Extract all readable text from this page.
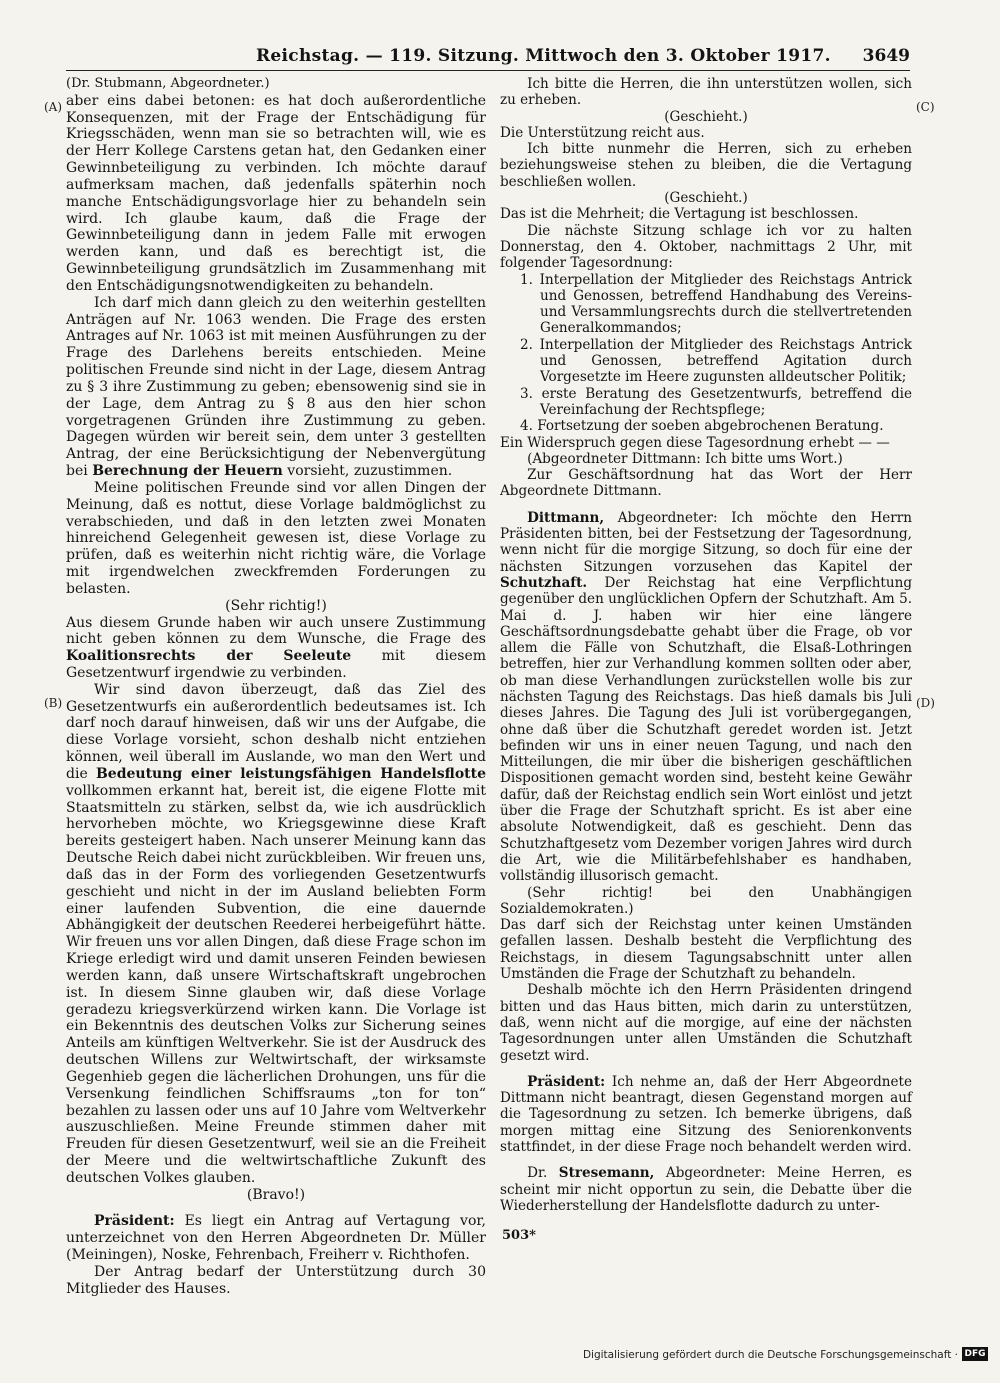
Reichstag. — 119. Sitzung. Mittwoch den 3. Oktober 1917. 3649
(A)
(B)
(C)
(D)

(Dr. Stubmann, Abgeordneter.)

aber eins dabei betonen: es hat doch außerordentliche Konsequenzen, mit der Frage der Entschädigung für Kriegsschäden, wenn man sie so betrachten will, wie es der Herr Kollege Carstens getan hat, den Gedanken einer Gewinnbeteiligung zu verbinden. Ich möchte darauf aufmerksam machen, daß jedenfalls späterhin noch manche Entschädigungsvorlage hier zu behandeln sein wird. Ich glaube kaum, daß die Frage der Gewinnbeteiligung dann in jedem Falle mit erwogen werden kann, und daß es berechtigt ist, die Gewinnbeteiligung grundsätzlich im Zusammenhang mit den Entschädigungsnotwendigkeiten zu behandeln.

Ich darf mich dann gleich zu den weiterhin gestellten Anträgen auf Nr. 1063 wenden. Die Frage des ersten Antrages auf Nr. 1063 ist mit meinen Ausführungen zu der Frage des Darlehens bereits entschieden. Meine politischen Freunde sind nicht in der Lage, diesem Antrag zu § 3 ihre Zustimmung zu geben; ebensowenig sind sie in der Lage, dem Antrag zu § 8 aus den hier schon vorgetragenen Gründen ihre Zustimmung zu geben. Dagegen würden wir bereit sein, dem unter 3 gestellten Antrag, der eine Berücksichtigung der Nebenvergütung bei Berechnung der Heuern vorsieht, zuzustimmen.

Meine politischen Freunde sind vor allen Dingen der Meinung, daß es nottut, diese Vorlage baldmöglichst zu verabschieden, und daß in den letzten zwei Monaten hinreichend Gelegenheit gewesen ist, diese Vorlage zu prüfen, daß es weiterhin nicht richtig wäre, die Vorlage mit irgendwelchen zweckfremden Forderungen zu belasten.

(Sehr richtig!)

Aus diesem Grunde haben wir auch unsere Zustimmung nicht geben können zu dem Wunsche, die Frage des Koalitionsrechts der Seeleute mit diesem Gesetzentwurf irgendwie zu verbinden.

Wir sind davon überzeugt, daß das Ziel des Gesetzentwurfs ein außerordentlich bedeutsames ist. Ich darf noch darauf hinweisen, daß wir uns der Aufgabe, die diese Vorlage vorsieht, schon deshalb nicht entziehen können, weil überall im Auslande, wo man den Wert und die Bedeutung einer leistungsfähigen Handelsflotte vollkommen erkannt hat, bereit ist, die eigene Flotte mit Staatsmitteln zu stärken, selbst da, wie ich ausdrücklich hervorheben möchte, wo Kriegsgewinne diese Kraft bereits gesteigert haben. Nach unserer Meinung kann das Deutsche Reich dabei nicht zurückbleiben. Wir freuen uns, daß das in der Form des vorliegenden Gesetzentwurfs geschieht und nicht in der im Ausland beliebten Form einer laufenden Subvention, die eine dauernde Abhängigkeit der deutschen Reederei herbeigeführt hätte. Wir freuen uns vor allen Dingen, daß diese Frage schon im Kriege erledigt wird und damit unseren Feinden bewiesen werden kann, daß unsere Wirtschaftskraft ungebrochen ist. In diesem Sinne glauben wir, daß diese Vorlage geradezu kriegsverkürzend wirken kann. Die Vorlage ist ein Bekenntnis des deutschen Volks zur Sicherung seines Anteils am künftigen Weltverkehr. Sie ist der Ausdruck des deutschen Willens zur Weltwirtschaft, der wirksamste Gegenhieb gegen die lächerlichen Drohungen, uns für die Versenkung feindlichen Schiffsraums „ton for ton“ bezahlen zu lassen oder uns auf 10 Jahre vom Weltverkehr auszuschließen. Meine Freunde stimmen daher mit Freuden für diesen Gesetzentwurf, weil sie an die Freiheit der Meere und die weltwirtschaftliche Zukunft des deutschen Volkes glauben.

(Bravo!)

Präsident: Es liegt ein Antrag auf Vertagung vor, unterzeichnet von den Herren Abgeordneten Dr. Müller (Meiningen), Noske, Fehrenbach, Freiherr v. Richthofen.

Der Antrag bedarf der Unterstützung durch 30 Mitglieder des Hauses.

Ich bitte die Herren, die ihn unterstützen wollen, sich zu erheben.

(Geschieht.)

Die Unterstützung reicht aus.

Ich bitte nunmehr die Herren, sich zu erheben beziehungsweise stehen zu bleiben, die die Vertagung beschließen wollen.

(Geschieht.)

Das ist die Mehrheit; die Vertagung ist beschlossen.

Die nächste Sitzung schlage ich vor zu halten Donnerstag, den 4. Oktober, nachmittags 2 Uhr, mit folgender Tagesordnung:

1. Interpellation der Mitglieder des Reichstags Antrick und Genossen, betreffend Handhabung des Vereins- und Versammlungsrechts durch die stellvertretenden Generalkommandos;

2. Interpellation der Mitglieder des Reichstags Antrick und Genossen, betreffend Agitation durch Vorgesetzte im Heere zugunsten alldeutscher Politik;

3. erste Beratung des Gesetzentwurfs, betreffend die Vereinfachung der Rechtspflege;

4. Fortsetzung der soeben abgebrochenen Beratung.

Ein Widerspruch gegen diese Tagesordnung erhebt — —

(Abgeordneter Dittmann: Ich bitte ums Wort.)

Zur Geschäftsordnung hat das Wort der Herr Abgeordnete Dittmann.

Dittmann, Abgeordneter: Ich möchte den Herrn Präsidenten bitten, bei der Festsetzung der Tagesordnung, wenn nicht für die morgige Sitzung, so doch für eine der nächsten Sitzungen vorzusehen das Kapitel der Schutzhaft. Der Reichstag hat eine Verpflichtung gegenüber den unglücklichen Opfern der Schutzhaft. Am 5. Mai d. J. haben wir hier eine längere Geschäftsordnungsdebatte gehabt über die Frage, ob vor allem die Fälle von Schutzhaft, die Elsaß-Lothringen betreffen, hier zur Verhandlung kommen sollten oder aber, ob man diese Verhandlungen zurückstellen wolle bis zur nächsten Tagung des Reichstags. Das hieß damals bis Juli dieses Jahres. Die Tagung des Juli ist vorübergegangen, ohne daß über die Schutzhaft geredet worden ist. Jetzt befinden wir uns in einer neuen Tagung, und nach den Mitteilungen, die mir über die bisherigen geschäftlichen Dispositionen gemacht worden sind, besteht keine Gewähr dafür, daß der Reichstag endlich sein Wort einlöst und jetzt über die Frage der Schutzhaft spricht. Es ist aber eine absolute Notwendigkeit, daß es geschieht. Denn das Schutzhaftgesetz vom Dezember vorigen Jahres wird durch die Art, wie die Militärbefehlshaber es handhaben, vollständig illusorisch gemacht.

(Sehr richtig! bei den Unabhängigen Sozialdemokraten.)

Das darf sich der Reichstag unter keinen Umständen gefallen lassen. Deshalb besteht die Verpflichtung des Reichstags, in diesem Tagungsabschnitt unter allen Umständen die Frage der Schutzhaft zu behandeln.

Deshalb möchte ich den Herrn Präsidenten dringend bitten und das Haus bitten, mich darin zu unterstützen, daß, wenn nicht auf die morgige, auf eine der nächsten Tagesordnungen unter allen Umständen die Schutzhaft gesetzt wird.

Präsident: Ich nehme an, daß der Herr Abgeordnete Dittmann nicht beantragt, diesen Gegenstand morgen auf die Tagesordnung zu setzen. Ich bemerke übrigens, daß morgen mittag eine Sitzung des Seniorenkonvents stattfindet, in der diese Frage noch behandelt werden wird.

Dr. Stresemann, Abgeordneter: Meine Herren, es scheint mir nicht opportun zu sein, die Debatte über die Wiederherstellung der Handelsflotte dadurch zu unter-

503*
Digitalisierung gefördert durch die Deutsche Forschungsgemeinschaft · DFG
